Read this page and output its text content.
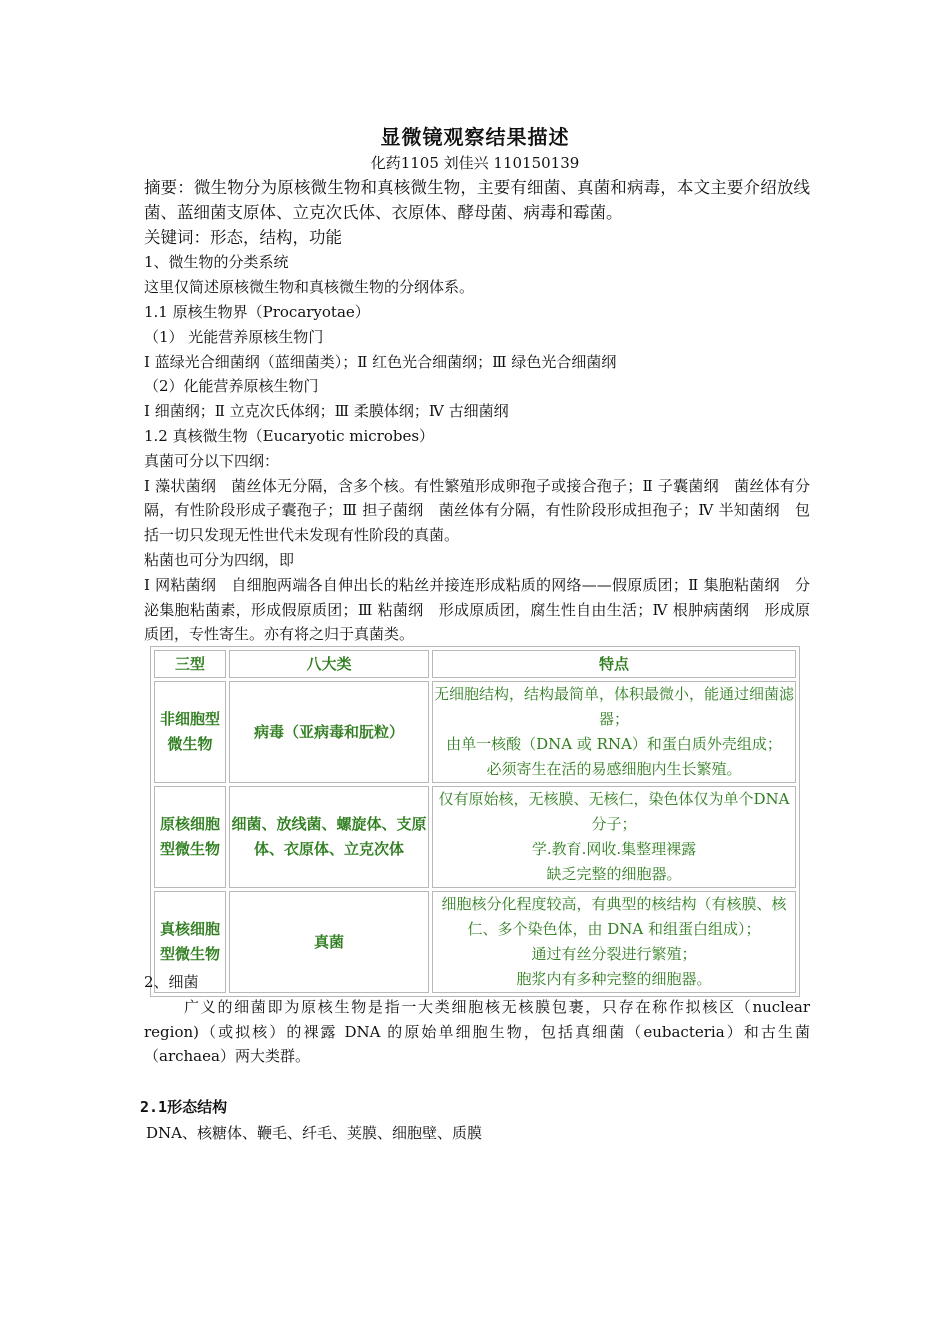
显微镜观察结果描述
化药1105 刘佳兴 110150139

摘要：微生物分为原核微生物和真核微生物，主要有细菌、真菌和病毒，本文主要介绍放线菌、蓝细菌支原体、立克次氏体、衣原体、酵母菌、病毒和霉菌。

关键词：形态，结构，功能

1、微生物的分类系统

这里仅简述原核微生物和真核微生物的分纲体系。

1.1 原核生物界（Procaryotae）

（1） 光能营养原核生物门

Ⅰ 蓝绿光合细菌纲（蓝细菌类）；Ⅱ 红色光合细菌纲；Ⅲ 绿色光合细菌纲

（2）化能营养原核生物门

Ⅰ 细菌纲；Ⅱ 立克次氏体纲；Ⅲ 柔膜体纲；Ⅳ 古细菌纲

1.2 真核微生物（Eucaryotic microbes）

真菌可分以下四纲：

Ⅰ 藻状菌纲　菌丝体无分隔，含多个核。有性繁殖形成卵孢子或接合孢子；Ⅱ 子囊菌纲　菌丝体有分隔，有性阶段形成子囊孢子；Ⅲ 担子菌纲　菌丝体有分隔，有性阶段形成担孢子；Ⅳ 半知菌纲　包括一切只发现无性世代未发现有性阶段的真菌。

粘菌也可分为四纲，即

Ⅰ 网粘菌纲　自细胞两端各自伸出长的粘丝并接连形成粘质的网络——假原质团；Ⅱ 集胞粘菌纲　分泌集胞粘菌素，形成假原质团；Ⅲ 粘菌纲　形成原质团，腐生性自由生活；Ⅳ 根肿病菌纲　形成原质团，专性寄生。亦有将之归于真菌类。

三型	八大类	特点
非细胞型微生物	病毒（亚病毒和朊粒）	无细胞结构，结构最简单，体积最微小，能通过细菌滤器；
由单一核酸（DNA 或 RNA）和蛋白质外壳组成；
必须寄生在活的易感细胞内生长繁殖。

原核细胞型微生物	细菌、放线菌、螺旋体、支原体、衣原体、立克次体	仅有原始核，无核膜、无核仁，染色体仅为单个DNA 分子；
学.教育.网收.集整理裸露
缺乏完整的细胞器。

真核细胞型微生物	真菌	细胞核分化程度较高，有典型的核结构（有核膜、核仁、多个染色体，由 DNA 和组蛋白组成）；
通过有丝分裂进行繁殖；
胞浆内有多种完整的细胞器。

2、细菌

广义的细菌即为原核生物是指一大类细胞核无核膜包裹，只存在称作拟核区（nuclear region)（或拟核）的裸露 DNA 的原始单细胞生物，包括真细菌（eubacteria）和古生菌（archaea）两大类群。

2.1形态结构
DNA、核糖体、鞭毛、纤毛、荚膜、细胞壁、质膜
